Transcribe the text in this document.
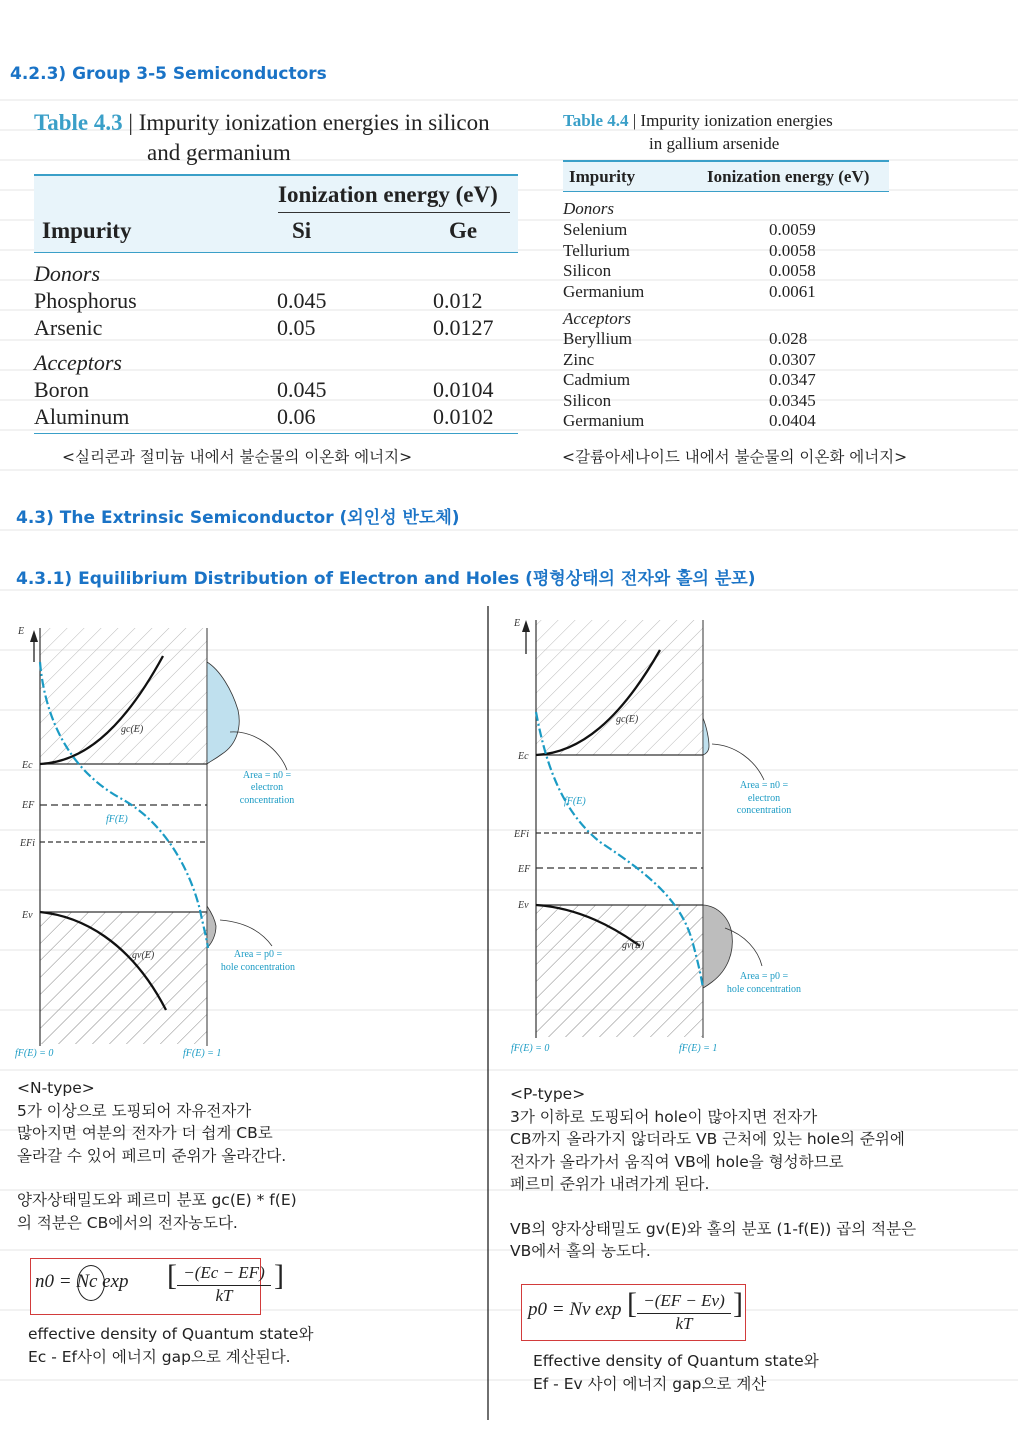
4.2.3) Group 3-5 Semiconductors
4.3) The Extrinsic Semiconductor (외인성 반도체)
4.3.1) Equilibrium Distribution of Electron and Holes (평형상태의 전자와 홀의 분포)
Table 4.3 | Impurity ionization energies in silicon
and germanium
Ionization energy (eV)
Impurity	Si	Ge
Donors
Phosphorus	0.045	0.012
Arsenic	0.05	0.0127
Acceptors
Boron	0.045	0.0104
Aluminum	0.06	0.0102
<실리콘과 절미늄 내에서 불순물의 이온화 에너지>
Table 4.4 | Impurity ionization energies
in gallium arsenide
Impurity	Ionization energy (eV)
Donors
Selenium	0.0059
Tellurium	0.0058
Silicon	0.0058
Germanium	0.0061
Acceptors
Beryllium	0.028
Zinc	0.0307
Cadmium	0.0347
Silicon	0.0345
Germanium	0.0404
<갈륨아세나이드 내에서 불순물의 이온화 에너지>
E
Ec
EF
EFi
Ev
gc(E)
gv(E)
fF(E)
fF(E) = 0	fF(E) = 1
Area = n0 =
electron
concentration
Area = p0 =
hole concentration
E
Ec
EFi
EF
Ev
gc(E)
gv(E)
fF(E)
fF(E) = 0	fF(E) = 1
Area = n0 =
electron
concentration
Area = p0 =
hole concentration
<N-type>
5가 이상으로 도핑되어 자유전자가
많아지면 여분의 전자가 더 쉽게 CB로
올라갈 수 있어 페르미 준위가 올라간다.
양자상태밀도와 페르미 분포 gc(E) * f(E)
의 적분은 CB에서의 전자농도다.
n0 = Nc exp [ −(Ec − EF)
kT
]
effective density of Quantum state와
Ec - Ef사이 에너지 gap으로 계산된다.
<P-type>
3가 이하로 도핑되어 hole이 많아지면 전자가
CB까지 올라가지 않더라도 VB 근처에 있는 hole의 준위에
전자가 올라가서 움직여 VB에 hole을 형성하므로
페르미 준위가 내려가게 된다.
VB의 양자상태밀도 gv(E)와 홀의 분포 (1-f(E)) 곱의 적분은
VB에서 홀의 농도다.
p0 = Nv exp [ −(EF − Ev)
kT
]
Effective density of Quantum state와
Ef - Ev 사이 에너지 gap으로 계산
